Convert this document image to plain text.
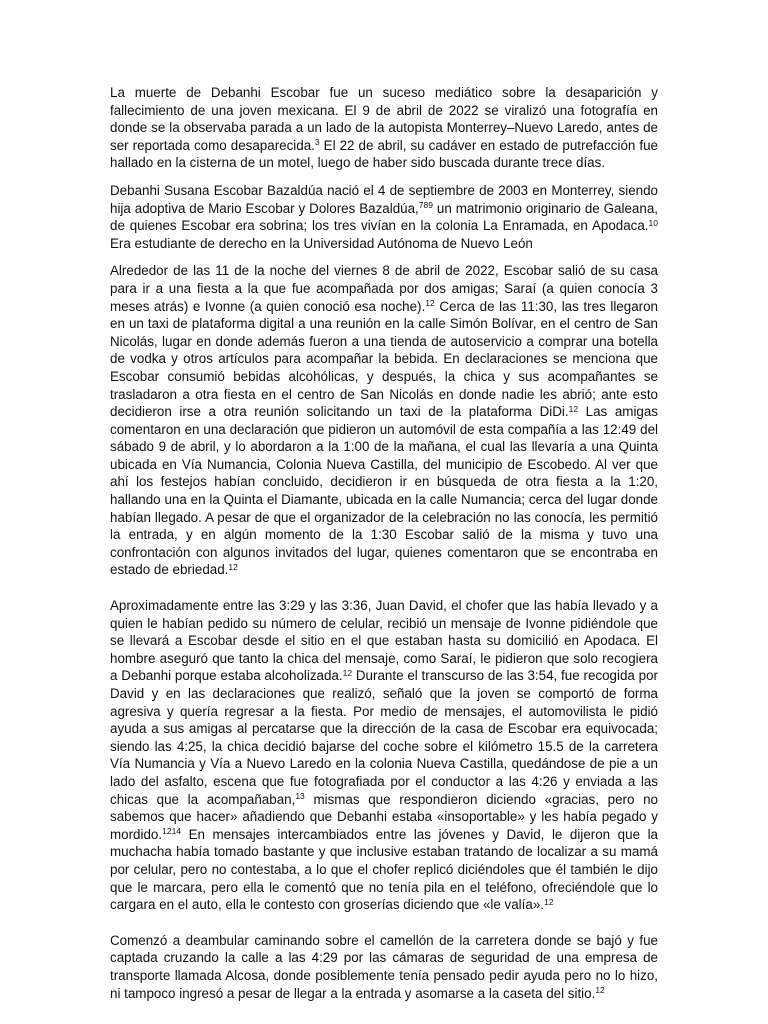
La muerte de Debanhi Escobar fue un suceso mediático sobre la desaparición y fallecimiento de una joven mexicana. El 9 de abril de 2022 se viralizó una fotografía en donde se la observaba parada a un lado de la autopista Monterrey–Nuevo Laredo, antes de ser reportada como desaparecida.$^3$ El 22 de abril, su cadáver en estado de putrefacción fue hallado en la cisterna de un motel, luego de haber sido buscada durante trece días.

Debanhi Susana Escobar Bazaldúa nació el 4 de septiembre de 2003 en Monterrey, siendo hija adoptiva de Mario Escobar y Dolores Bazaldúa,$^{789}$ un matrimonio originario de Galeana, de quienes Escobar era sobrina; los tres vivían en la colonia La Enramada, en Apodaca.$^{10}$ Era estudiante de derecho en la Universidad Autónoma de Nuevo León

Alrededor de las 11 de la noche del viernes 8 de abril de 2022, Escobar salió de su casa para ir a una fiesta a la que fue acompañada por dos amigas; Saraí (a quien conocía 3 meses atrás) e Ivonne (a quien conoció esa noche).$^{12}$ Cerca de las 11:30, las tres llegaron en un taxi de plataforma digital a una reunión en la calle Simón Bolívar, en el centro de San Nicolás, lugar en donde además fueron a una tienda de autoservicio a comprar una botella de vodka y otros artículos para acompañar la bebida. En declaraciones se menciona que Escobar consumió bebidas alcohólicas, y después, la chica y sus acompañantes se trasladaron a otra fiesta en el centro de San Nicolás en donde nadie les abrió; ante esto decidieron irse a otra reunión solicitando un taxi de la plataforma DiDi.$^{12}$ Las amigas comentaron en una declaración que pidieron un automóvil de esta compañía a las 12:49 del sábado 9 de abril, y lo abordaron a la 1:00 de la mañana, el cual las llevaría a una Quinta ubicada en Vía Numancia, Colonia Nueva Castilla, del municipio de Escobedo. Al ver que ahí los festejos habían concluido, decidieron ir en búsqueda de otra fiesta a la 1:20, hallando una en la Quinta el Diamante, ubicada en la calle Numancia; cerca del lugar donde habían llegado. A pesar de que el organizador de la celebración no las conocía, les permitió la entrada, y en algún momento de la 1:30 Escobar salió de la misma y tuvo una confrontación con algunos invitados del lugar, quienes comentaron que se encontraba en estado de ebriedad.$^{12}$

Aproximadamente entre las 3:29 y las 3:36, Juan David, el chofer que las había llevado y a quien le habían pedido su número de celular, recibió un mensaje de Ivonne pidiéndole que se llevará a Escobar desde el sitio en el que estaban hasta su domicilió en Apodaca. El hombre aseguró que tanto la chica del mensaje, como Saraí, le pidieron que solo recogiera a Debanhi porque estaba alcoholizada.$^{12}$ Durante el transcurso de las 3:54, fue recogida por David y en las declaraciones que realizó, señaló que la joven se comportó de forma agresiva y quería regresar a la fiesta. Por medio de mensajes, el automovilista le pidió ayuda a sus amigas al percatarse que la dirección de la casa de Escobar era equivocada; siendo las 4:25, la chica decidió bajarse del coche sobre el kilómetro 15.5 de la carretera Vía Numancia y Vía a Nuevo Laredo en la colonia Nueva Castilla, quedándose de pie a un lado del asfalto, escena que fue fotografiada por el conductor a las 4:26 y enviada a las chicas que la acompañaban,$^{13}$ mismas que respondieron diciendo «gracias, pero no sabemos que hacer» añadiendo que Debanhi estaba «insoportable» y les había pegado y mordido.$^{1214}$ En mensajes intercambiados entre las jóvenes y David, le dijeron que la muchacha había tomado bastante y que inclusive estaban tratando de localizar a su mamá por celular, pero no contestaba, a lo que el chofer replicó diciéndoles que él también le dijo que le marcara, pero ella le comentó que no tenía pila en el teléfono, ofreciéndole que lo cargara en el auto, ella le contesto con groserías diciendo que «le valía».$^{12}$

Comenzó a deambular caminando sobre el camellón de la carretera donde se bajó y fue captada cruzando la calle a las 4:29 por las cámaras de seguridad de una empresa de transporte llamada Alcosa, donde posiblemente tenía pensado pedir ayuda pero no lo hizo, ni tampoco ingresó a pesar de llegar a la entrada y asomarse a la caseta del sitio.$^{12}$
